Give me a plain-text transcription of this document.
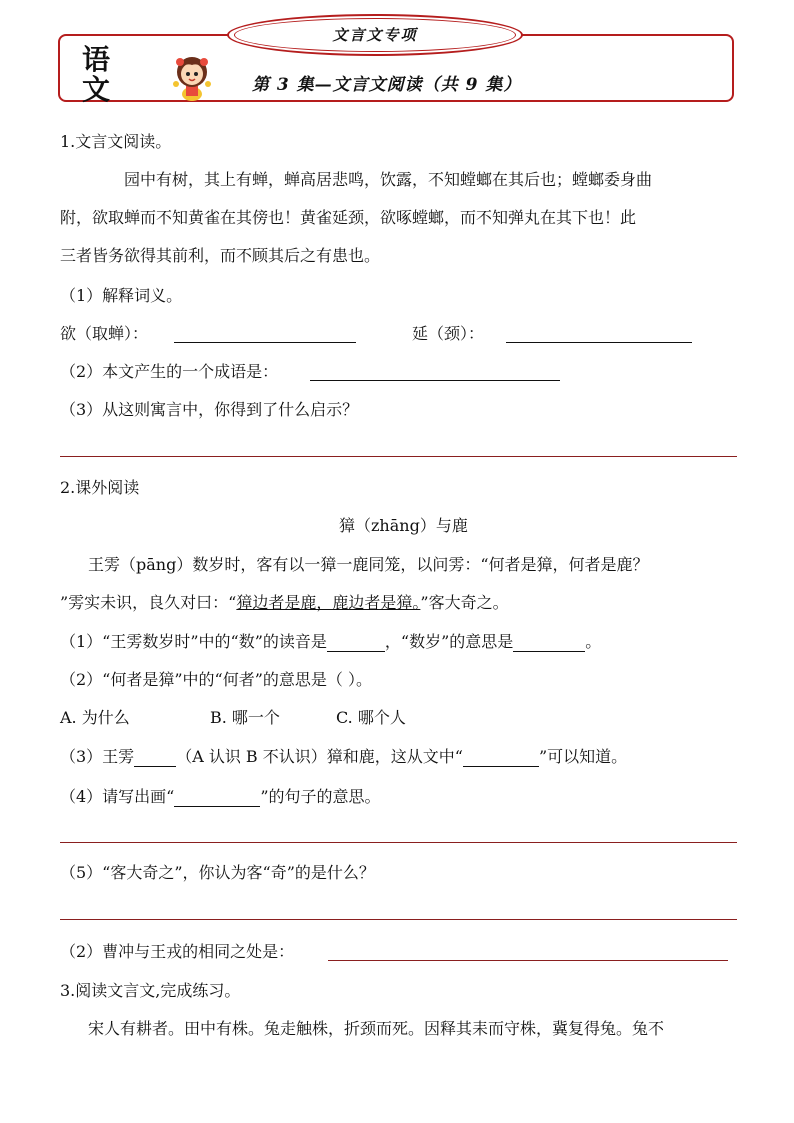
文言文专项
语
文	第 3 集—文言文阅读（共 9 集）
1.文言文阅读。
园中有树，其上有蝉，蝉高居悲鸣，饮露，不知螳螂在其后也；螳螂委身曲
附，欲取蝉而不知黄雀在其傍也！黄雀延颈，欲啄螳螂，而不知弹丸在其下也！此
三者皆务欲得其前利，而不顾其后之有患也。
（1）解释词义。
欲（取蝉）：	延（颈）：
（2）本文产生的一个成语是：
（3）从这则寓言中，你得到了什么启示？
2.课外阅读
獐（zhāng）与鹿
王雱（pāng）数岁时，客有以一獐一鹿同笼，以问雱：“何者是獐，何者是鹿？
”雱实未识，良久对曰：“獐边者是鹿，鹿边者是獐。”客大奇之。
（1）“王雱数岁时”中的“数”的读音是	，“数岁”的意思是	。
（2）“何者是獐”中的“何者”的意思是（ ）。
A. 为什么	B. 哪一个	C. 哪个人
（3）王雱	（A 认识 B 不认识）獐和鹿，这从文中“	”可以知道。
（4）请写出画“	”的句子的意思。
（5）“客大奇之”，你认为客“奇”的是什么？
（2）曹冲与王戎的相同之处是：
3.阅读文言文,完成练习。
宋人有耕者。田中有株。兔走触株，折颈而死。因释其耒而守株，冀复得兔。兔不
